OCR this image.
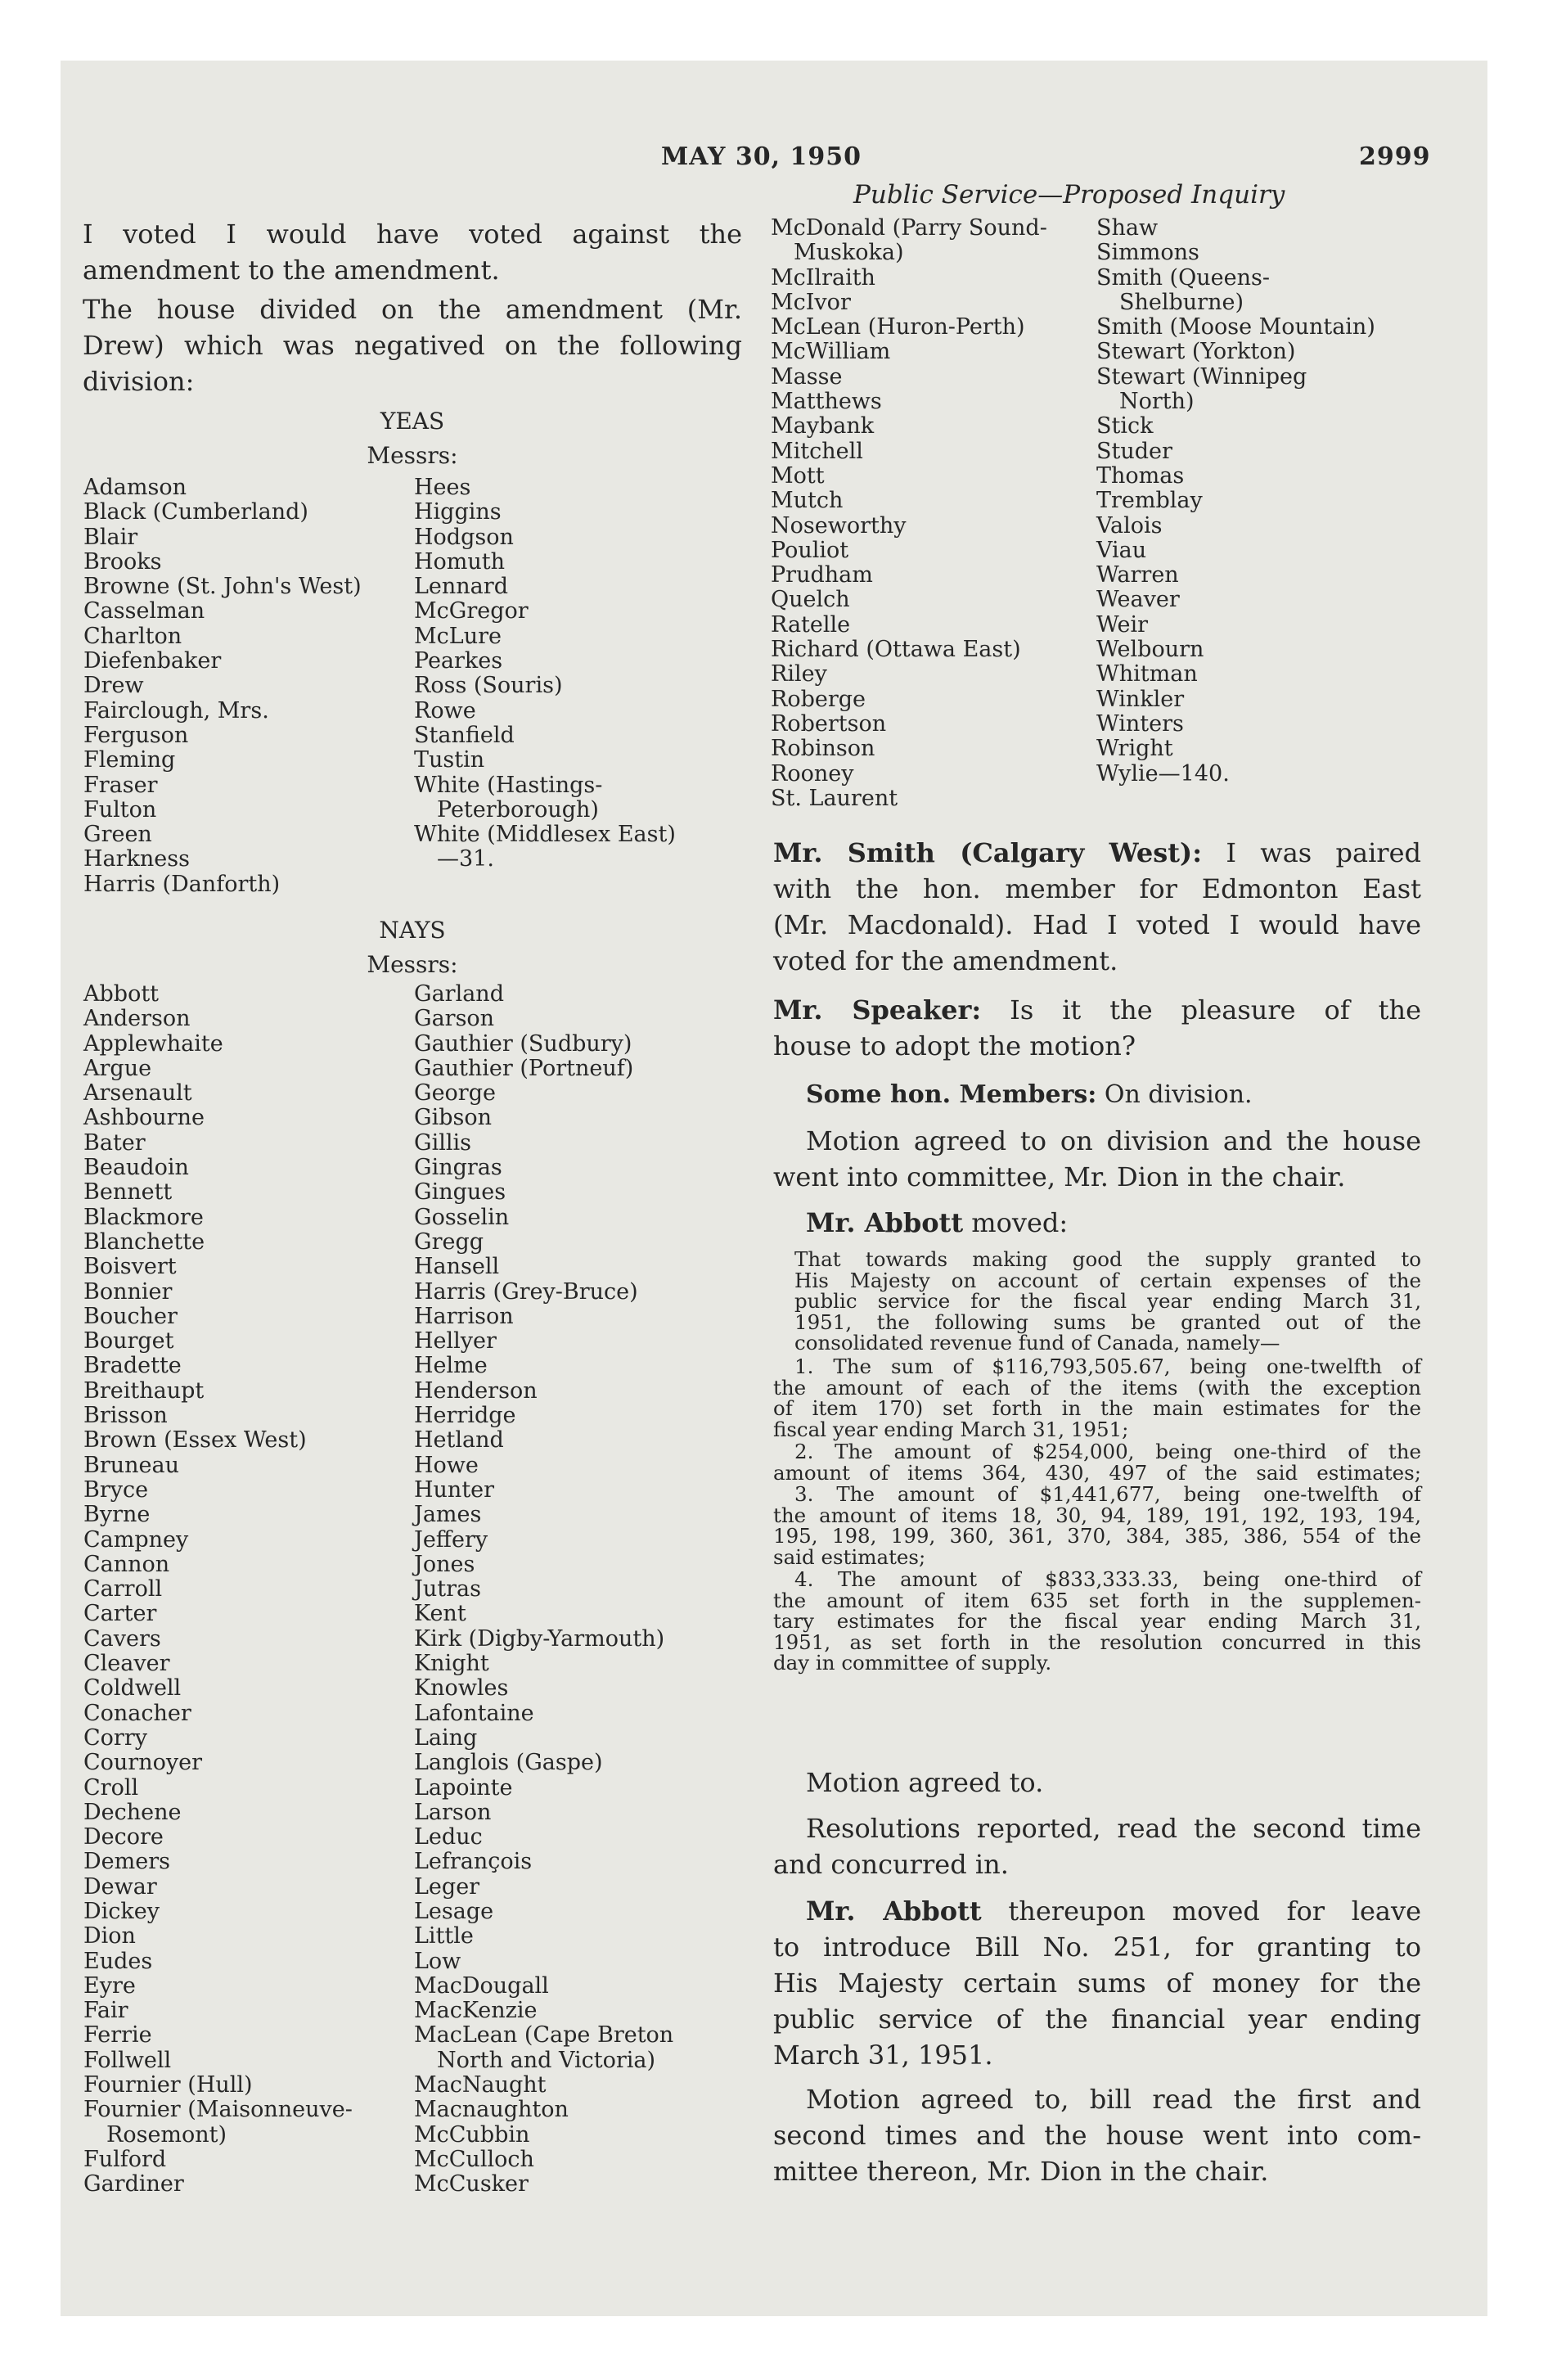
MAY 30, 1950	2999
Public Service—Proposed Inquiry
I voted I would have voted against the
amendment to the amendment.
The house divided on the amendment (Mr.
Drew) which was negatived on the following
division:
YEAS
Messrs:
Adamson
Black (Cumberland)
Blair
Brooks
Browne (St. John's West)
Casselman
Charlton
Diefenbaker
Drew
Fairclough, Mrs.
Ferguson
Fleming
Fraser
Fulton
Green
Harkness
Harris (Danforth)
Hees
Higgins
Hodgson
Homuth
Lennard
McGregor
McLure
Pearkes
Ross (Souris)
Rowe
Stanfield
Tustin
White (Hastings-
Peterborough)
White (Middlesex East)
—31.
NAYS
Messrs:
Abbott
Anderson
Applewhaite
Argue
Arsenault
Ashbourne
Bater
Beaudoin
Bennett
Blackmore
Blanchette
Boisvert
Bonnier
Boucher
Bourget
Bradette
Breithaupt
Brisson
Brown (Essex West)
Bruneau
Bryce
Byrne
Campney
Cannon
Carroll
Carter
Cavers
Cleaver
Coldwell
Conacher
Corry
Cournoyer
Croll
Dechene
Decore
Demers
Dewar
Dickey
Dion
Eudes
Eyre
Fair
Ferrie
Follwell
Fournier (Hull)
Fournier (Maisonneuve-
Rosemont)
Fulford
Gardiner
Garland
Garson
Gauthier (Sudbury)
Gauthier (Portneuf)
George
Gibson
Gillis
Gingras
Gingues
Gosselin
Gregg
Hansell
Harris (Grey-Bruce)
Harrison
Hellyer
Helme
Henderson
Herridge
Hetland
Howe
Hunter
James
Jeffery
Jones
Jutras
Kent
Kirk (Digby-Yarmouth)
Knight
Knowles
Lafontaine
Laing
Langlois (Gaspe)
Lapointe
Larson
Leduc
Lefrançois
Leger
Lesage
Little
Low
MacDougall
MacKenzie
MacLean (Cape Breton
North and Victoria)
MacNaught
Macnaughton
McCubbin
McCulloch
McCusker
McDonald (Parry Sound-
Muskoka)
McIlraith
McIvor
McLean (Huron-Perth)
McWilliam
Masse
Matthews
Maybank
Mitchell
Mott
Mutch
Noseworthy
Pouliot
Prudham
Quelch
Ratelle
Richard (Ottawa East)
Riley
Roberge
Robertson
Robinson
Rooney
St. Laurent
Shaw
Simmons
Smith (Queens-
Shelburne)
Smith (Moose Mountain)
Stewart (Yorkton)
Stewart (Winnipeg
North)
Stick
Studer
Thomas
Tremblay
Valois
Viau
Warren
Weaver
Weir
Welbourn
Whitman
Winkler
Winters
Wright
Wylie—140.
Mr. Smith (Calgary West): I was paired
with the hon. member for Edmonton East
(Mr. Macdonald). Had I voted I would have
voted for the amendment.
Mr. Speaker: Is it the pleasure of the
house to adopt the motion?
Some hon. Members: On division.
Motion agreed to on division and the house
went into committee, Mr. Dion in the chair.
Mr. Abbott moved:
That towards making good the supply granted to
His Majesty on account of certain expenses of the
public service for the fiscal year ending March 31,
1951, the following sums be granted out of the
consolidated revenue fund of Canada, namely—
1. The sum of $116,793,505.67, being one-twelfth of
the amount of each of the items (with the exception
of item 170) set forth in the main estimates for the
fiscal year ending March 31, 1951;
2. The amount of $254,000, being one-third of the
amount of items 364, 430, 497 of the said estimates;
3. The amount of $1,441,677, being one-twelfth of
the amount of items 18, 30, 94, 189, 191, 192, 193, 194,
195, 198, 199, 360, 361, 370, 384, 385, 386, 554 of the
said estimates;
4. The amount of $833,333.33, being one-third of
the amount of item 635 set forth in the supplemen-
tary estimates for the fiscal year ending March 31,
1951, as set forth in the resolution concurred in this
day in committee of supply.
Motion agreed to.
Resolutions reported, read the second time
and concurred in.
Mr. Abbott thereupon moved for leave
to introduce Bill No. 251, for granting to
His Majesty certain sums of money for the
public service of the financial year ending
March 31, 1951.
Motion agreed to, bill read the first and
second times and the house went into com-
mittee thereon, Mr. Dion in the chair.
